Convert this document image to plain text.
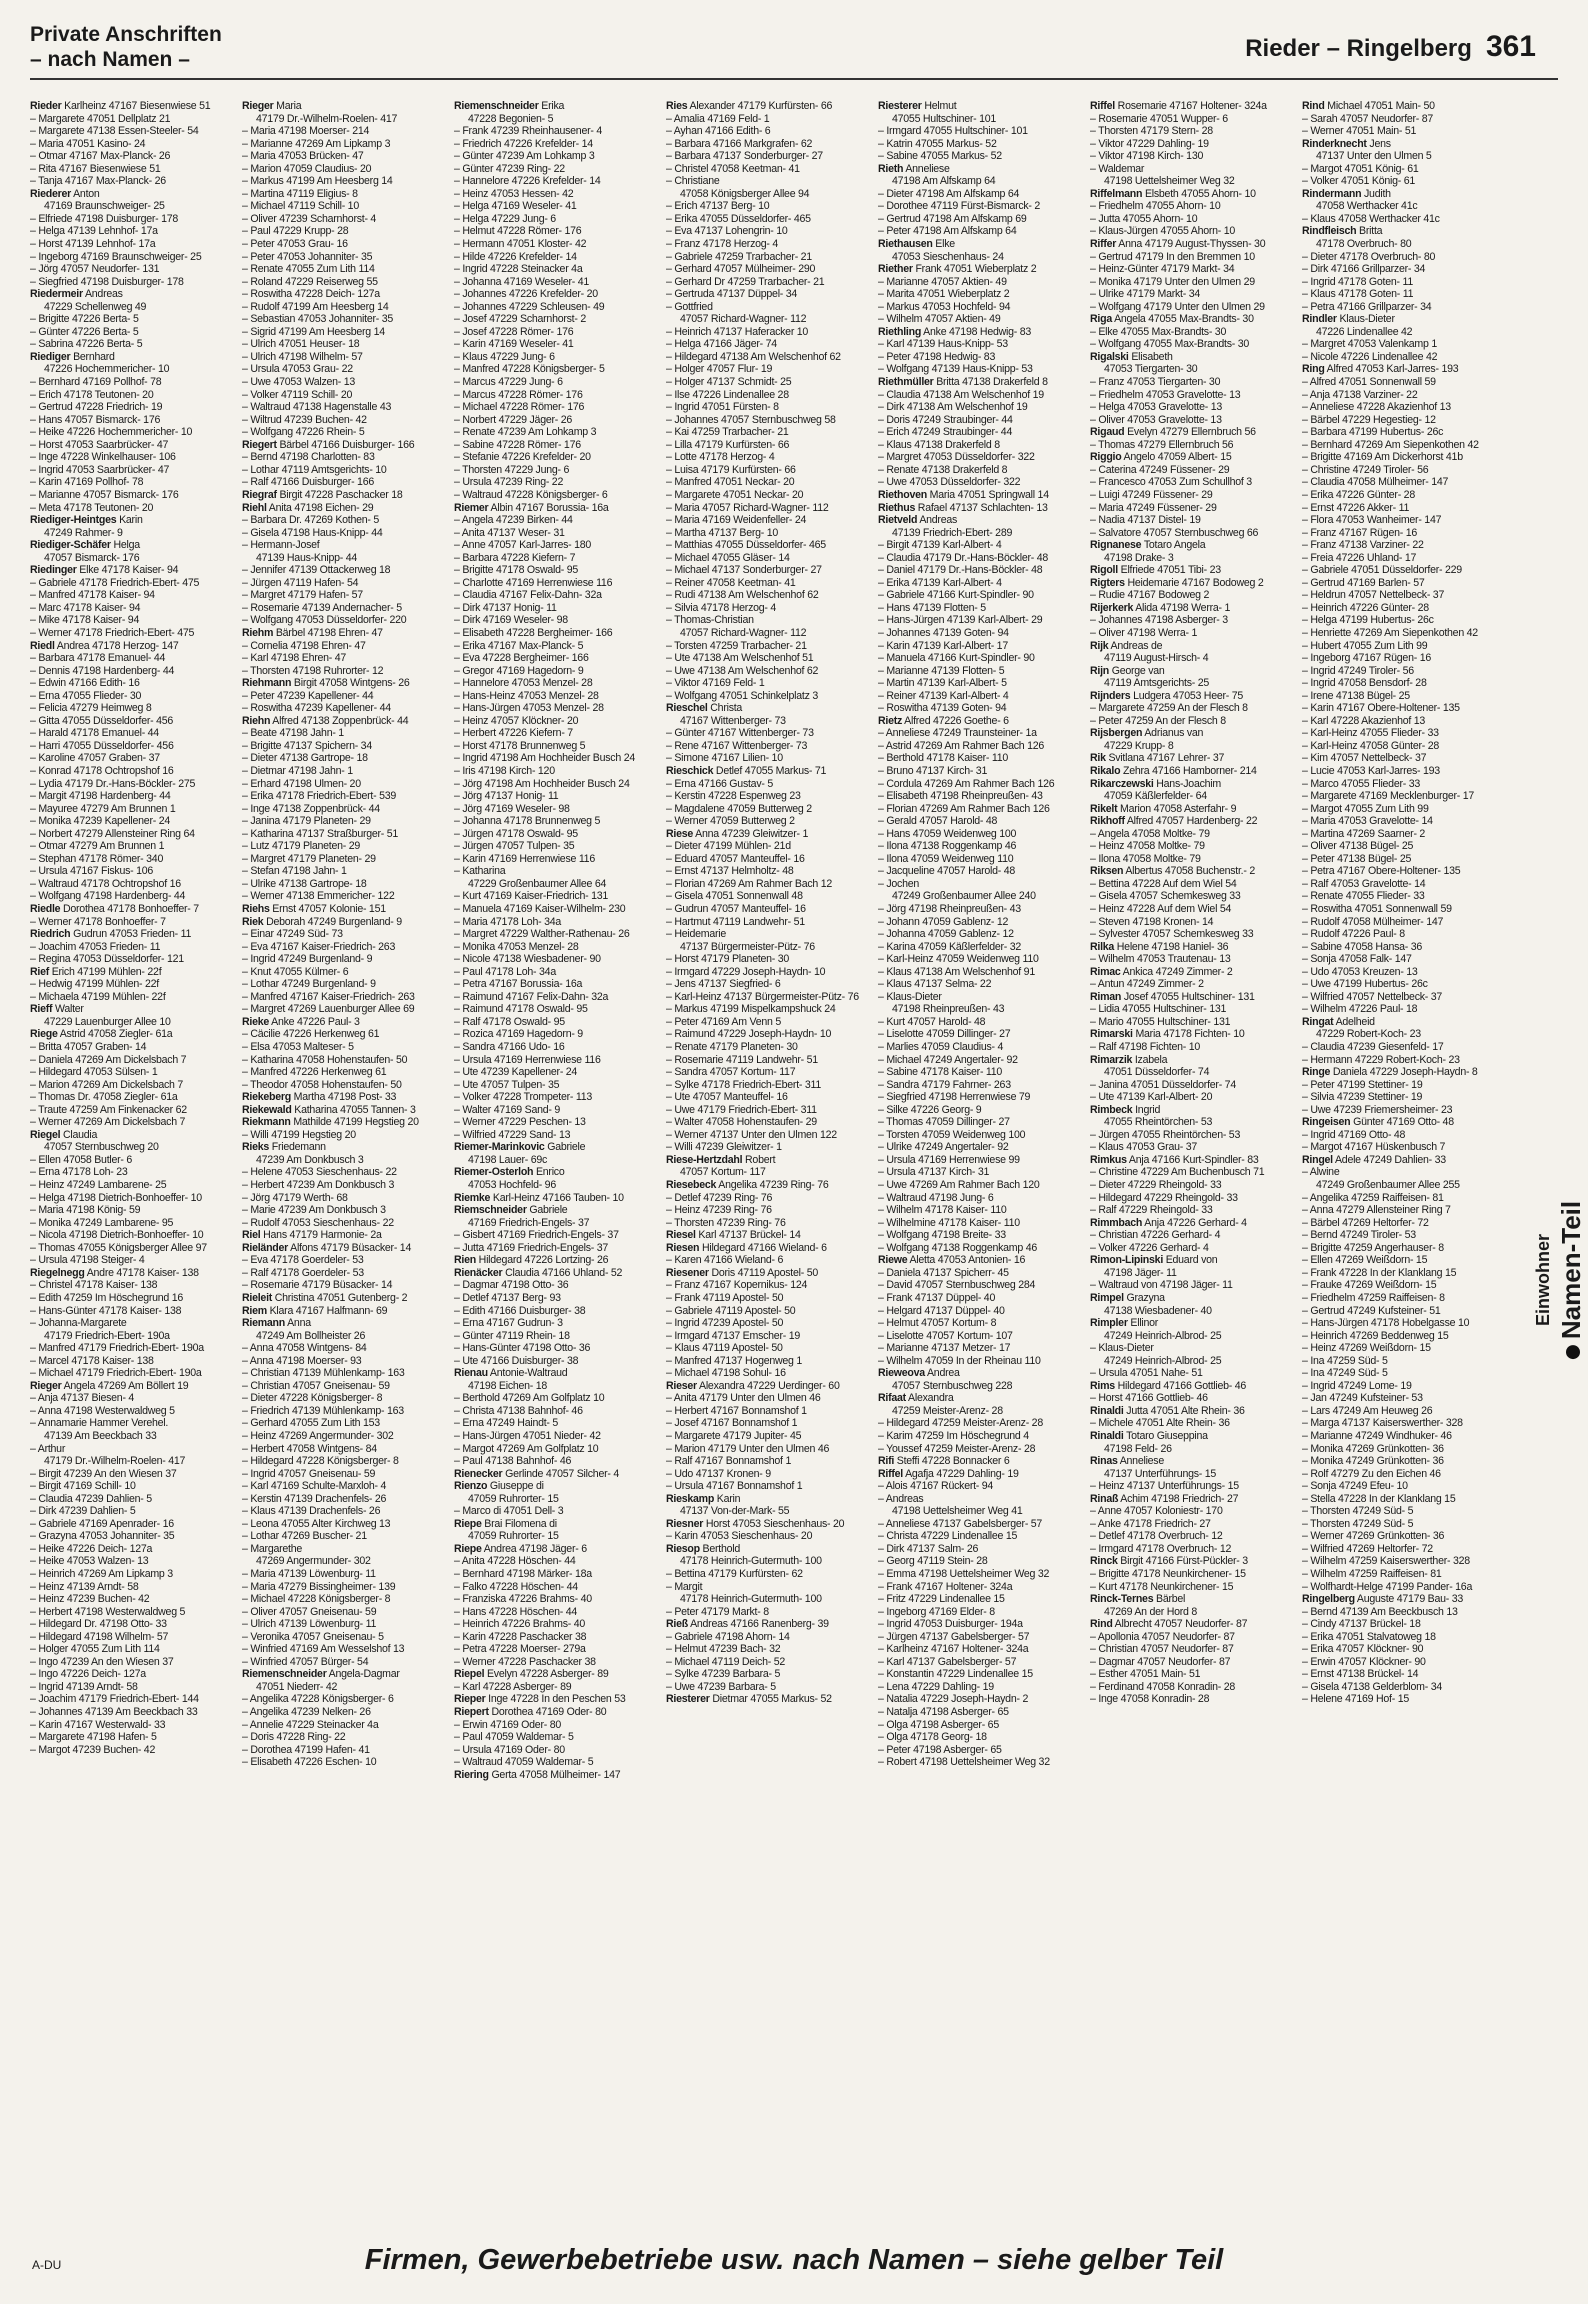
Private Anschriften
– nach Namen –	Rieder – Ringelberg 361
Rieder Karlheinz 47167 Biesenwiese 51
– Margarete 47051 Dellplatz 21
– Margarete 47138 Essen-Steeler- 54
– Maria 47051 Kasino- 24
– Otmar 47167 Max-Planck- 26
– Rita 47167 Biesenwiese 51
– Tanja 47167 Max-Planck- 26
Riederer Anton
47169 Braunschweiger- 25
– Elfriede 47198 Duisburger- 178
– Helga 47139 Lehnhof- 17a
– Horst 47139 Lehnhof- 17a
– Ingeborg 47169 Braunschweiger- 25
– Jörg 47057 Neudorfer- 131
– Siegfried 47198 Duisburger- 178
Riedermeir Andreas
47229 Schellenweg 49
– Brigitte 47226 Berta- 5
– Günter 47226 Berta- 5
– Sabrina 47226 Berta- 5
Riediger Bernhard
47226 Hochemmericher- 10
– Bernhard 47169 Pollhof- 78
– Erich 47178 Teutonen- 20
– Gertrud 47228 Friedrich- 19
– Hans 47057 Bismarck- 176
– Heike 47226 Hochemmericher- 10
– Horst 47053 Saarbrücker- 47
– Inge 47228 Winkelhauser- 106
– Ingrid 47053 Saarbrücker- 47
– Karin 47169 Pollhof- 78
– Marianne 47057 Bismarck- 176
– Meta 47178 Teutonen- 20
Riediger-Heintges Karin
47249 Rahmer- 9
Riediger-Schäfer Helga
47057 Bismarck- 176
Riedinger Elke 47178 Kaiser- 94
– Gabriele 47178 Friedrich-Ebert- 475
– Manfred 47178 Kaiser- 94
– Marc 47178 Kaiser- 94
– Mike 47178 Kaiser- 94
– Werner 47178 Friedrich-Ebert- 475
Riedl Andrea 47178 Herzog- 147
– Barbara 47178 Emanuel- 44
– Dennis 47198 Hardenberg- 44
– Edwin 47166 Edith- 16
– Erna 47055 Flieder- 30
– Felicia 47279 Heimweg 8
– Gitta 47055 Düsseldorfer- 456
– Harald 47178 Emanuel- 44
– Harri 47055 Düsseldorfer- 456
– Karoline 47057 Graben- 37
– Konrad 47178 Ochtropshof 16
– Lydia 47179 Dr.-Hans-Böckler- 275
– Margit 47198 Hardenberg- 44
– Mayuree 47279 Am Brunnen 1
– Monika 47239 Kapellener- 24
– Norbert 47279 Allensteiner Ring 64
– Otmar 47279 Am Brunnen 1
– Stephan 47178 Römer- 340
– Ursula 47167 Fiskus- 106
– Waltraud 47178 Ochtropshof 16
– Wolfgang 47198 Hardenberg- 44
Riedle Dorothea 47178 Bonhoeffer- 7
– Werner 47178 Bonhoeffer- 7
Riedrich Gudrun 47053 Frieden- 11
– Joachim 47053 Frieden- 11
– Regina 47053 Düsseldorfer- 121
Rief Erich 47199 Mühlen- 22f
– Hedwig 47199 Mühlen- 22f
– Michaela 47199 Mühlen- 22f
Rieff Walter
47229 Lauenburger Allee 10
Riege Astrid 47058 Ziegler- 61a
– Britta 47057 Graben- 14
– Daniela 47269 Am Dickelsbach 7
– Hildegard 47053 Sülsen- 1
– Marion 47269 Am Dickelsbach 7
– Thomas Dr. 47058 Ziegler- 61a
– Traute 47259 Am Finkenacker 62
– Werner 47269 Am Dickelsbach 7
Riegel Claudia
47057 Sternbuschweg 20
– Ellen 47058 Butler- 6
– Erna 47178 Loh- 23
– Heinz 47249 Lambarene- 25
– Helga 47198 Dietrich-Bonhoeffer- 10
– Maria 47198 König- 59
– Monika 47249 Lambarene- 95
– Nicola 47198 Dietrich-Bonhoeffer- 10
– Thomas 47055 Königsberger Allee 97
– Ursula 47198 Steiger- 4
Riegelnegg Andre 47178 Kaiser- 138
– Christel 47178 Kaiser- 138
– Edith 47259 Im Höschegrund 16
– Hans-Günter 47178 Kaiser- 138
– Johanna-Margarete
47179 Friedrich-Ebert- 190a
– Manfred 47179 Friedrich-Ebert- 190a
– Marcel 47178 Kaiser- 138
– Michael 47179 Friedrich-Ebert- 190a
Rieger Angela 47269 Am Böllert 19
– Anja 47137 Biesen- 4
– Anna 47198 Westerwaldweg 5
– Annamarie Hammer Verehel.
47139 Am Beeckbach 33
– Arthur
47179 Dr.-Wilhelm-Roelen- 417
– Birgit 47239 An den Wiesen 37
– Birgit 47169 Schill- 10
– Claudia 47239 Dahlien- 5
– Dirk 47239 Dahlien- 5
– Gabriele 47169 Apenrader- 16
– Grazyna 47053 Johanniter- 35
– Heike 47226 Deich- 127a
– Heike 47053 Walzen- 13
– Heinrich 47269 Am Lipkamp 3
– Heinz 47139 Arndt- 58
– Heinz 47239 Buchen- 42
– Herbert 47198 Westerwaldweg 5
– Hildegard Dr. 47198 Otto- 33
– Hildegard 47198 Wilhelm- 57
– Holger 47055 Zum Lith 114
– Ingo 47239 An den Wiesen 37
– Ingo 47226 Deich- 127a
– Ingrid 47139 Arndt- 58
– Joachim 47179 Friedrich-Ebert- 144
– Johannes 47139 Am Beeckbach 33
– Karin 47167 Westerwald- 33
– Margarete 47198 Hafen- 5
– Margot 47239 Buchen- 42
Rieger Maria
47179 Dr.-Wilhelm-Roelen- 417
– Maria 47198 Moerser- 214
– Marianne 47269 Am Lipkamp 3
– Maria 47053 Brücken- 47
– Marion 47059 Claudius- 20
– Markus 47199 Am Heesberg 14
– Martina 47119 Eligius- 8
– Michael 47119 Schill- 10
– Oliver 47239 Scharnhorst- 4
– Paul 47229 Krupp- 28
– Peter 47053 Grau- 16
– Peter 47053 Johanniter- 35
– Renate 47055 Zum Lith 114
– Roland 47229 Reiserweg 55
– Roswitha 47228 Deich- 127a
– Rudolf 47199 Am Heesberg 14
– Sebastian 47053 Johanniter- 35
– Sigrid 47199 Am Heesberg 14
– Ulrich 47051 Heuser- 18
– Ulrich 47198 Wilhelm- 57
– Ursula 47053 Grau- 22
– Uwe 47053 Walzen- 13
– Volker 47119 Schill- 20
– Waltraud 47138 Hagenstalle 43
– Wiltrud 47239 Buchen- 42
– Wolfgang 47226 Rhein- 5
Riegert Bärbel 47166 Duisburger- 166
– Bernd 47198 Charlotten- 83
– Lothar 47119 Amtsgerichts- 10
– Ralf 47166 Duisburger- 166
Riegraf Birgit 47228 Paschacker 18
Riehl Anita 47198 Eichen- 29
– Barbara Dr. 47269 Kothen- 5
– Gisela 47198 Haus-Knipp- 44
– Hermann-Josef
47139 Haus-Knipp- 44
– Jennifer 47139 Ottackerweg 18
– Jürgen 47119 Hafen- 54
– Margret 47179 Hafen- 57
– Rosemarie 47139 Andernacher- 5
– Wolfgang 47053 Düsseldorfer- 220
Riehm Bärbel 47198 Ehren- 47
– Cornelia 47198 Ehren- 47
– Karl 47198 Ehren- 47
– Thorsten 47198 Ruhrorter- 12
Riehmann Birgit 47058 Wintgens- 26
– Peter 47239 Kapellener- 44
– Roswitha 47239 Kapellener- 44
Riehn Alfred 47138 Zoppenbrück- 44
– Beate 47198 Jahn- 1
– Brigitte 47137 Spichern- 34
– Dieter 47138 Gartrope- 18
– Dietmar 47198 Jahn- 1
– Erhard 47198 Ulmen- 20
– Erika 47178 Friedrich-Ebert- 539
– Inge 47138 Zoppenbrück- 44
– Janina 47179 Planeten- 29
– Katharina 47137 Straßburger- 51
– Lutz 47179 Planeten- 29
– Margret 47179 Planeten- 29
– Stefan 47198 Jahn- 1
– Ulrike 47138 Gartrope- 18
– Werner 47138 Emmericher- 122
Riehs Ernst 47057 Kolonie- 151
Riek Deborah 47249 Burgenland- 9
– Einar 47249 Süd- 73
– Eva 47167 Kaiser-Friedrich- 263
– Ingrid 47249 Burgenland- 9
– Knut 47055 Külmer- 6
– Lothar 47249 Burgenland- 9
– Manfred 47167 Kaiser-Friedrich- 263
– Margret 47269 Lauenburger Allee 69
Rieke Anke 47226 Paul- 3
– Cäcilie 47226 Herkenweg 61
– Elsa 47053 Malteser- 5
– Katharina 47058 Hohenstaufen- 50
– Manfred 47226 Herkenweg 61
– Theodor 47058 Hohenstaufen- 50
Riekeberg Martha 47198 Post- 33
Riekewald Katharina 47055 Tannen- 3
Riekmann Mathilde 47199 Hegstieg 20
– Willi 47199 Hegstieg 20
Rieks Friedemann
47239 Am Donkbusch 3
– Helene 47053 Sieschenhaus- 22
– Herbert 47239 Am Donkbusch 3
– Jörg 47179 Werth- 68
– Marie 47239 Am Donkbusch 3
– Rudolf 47053 Sieschenhaus- 22
Riel Hans 47179 Harmonie- 2a
Rieländer Alfons 47179 Büsacker- 14
– Eva 47178 Goerdeler- 53
– Ralf 47178 Goerdeler- 53
– Rosemarie 47179 Büsacker- 14
Rieleit Christina 47051 Gutenberg- 2
Riem Klara 47167 Halfmann- 69
Riemann Anna
47249 Am Bollheister 26
– Anna 47058 Wintgens- 84
– Anna 47198 Moerser- 93
– Christian 47139 Mühlenkamp- 163
– Christian 47057 Gneisenau- 59
– Dieter 47228 Königsberger- 8
– Friedrich 47139 Mühlenkamp- 163
– Gerhard 47055 Zum Lith 153
– Heinz 47269 Angermunder- 302
– Herbert 47058 Wintgens- 84
– Hildegard 47228 Königsberger- 8
– Ingrid 47057 Gneisenau- 59
– Karl 47169 Schulte-Marxloh- 4
– Kerstin 47139 Drachenfels- 26
– Klaus 47139 Drachenfels- 26
– Leona 47055 Alter Kirchweg 13
– Lothar 47269 Buscher- 21
– Margarethe
47269 Angermunder- 302
– Maria 47139 Löwenburg- 11
– Maria 47279 Bissingheimer- 139
– Michael 47228 Königsberger- 8
– Oliver 47057 Gneisenau- 59
– Ulrich 47139 Löwenburg- 11
– Veronika 47057 Gneisenau- 5
– Winfried 47169 Am Wesselshof 13
– Winfried 47057 Bürger- 54
Riemenschneider Angela-Dagmar
47051 Niederr- 42
– Angelika 47228 Königsberger- 6
– Angelika 47239 Nelken- 26
– Annelie 47229 Steinacker 4a
– Doris 47228 Ring- 22
– Dorothea 47199 Hafen- 41
– Elisabeth 47226 Eschen- 10
Riemenschneider Erika
47228 Begonien- 5
– Frank 47239 Rheinhausener- 4
– Friedrich 47226 Krefelder- 14
– Günter 47239 Am Lohkamp 3
– Günter 47239 Ring- 22
– Hannelore 47226 Krefelder- 14
– Heinz 47053 Hessen- 42
– Helga 47169 Weseler- 41
– Helga 47229 Jung- 6
– Helmut 47228 Römer- 176
– Hermann 47051 Kloster- 42
– Hilde 47226 Krefelder- 14
– Ingrid 47228 Steinacker 4a
– Johanna 47169 Weseler- 41
– Johannes 47226 Krefelder- 20
– Johannes 47229 Schleusen- 49
– Josef 47229 Scharnhorst- 2
– Josef 47228 Römer- 176
– Karin 47169 Weseler- 41
– Klaus 47229 Jung- 6
– Manfred 47228 Königsberger- 5
– Marcus 47229 Jung- 6
– Marcus 47228 Römer- 176
– Michael 47228 Römer- 176
– Norbert 47229 Jäger- 26
– Renate 47239 Am Lohkamp 3
– Sabine 47228 Römer- 176
– Stefanie 47226 Krefelder- 20
– Thorsten 47229 Jung- 6
– Ursula 47239 Ring- 22
– Waltraud 47228 Königsberger- 6
Riemer Albin 47167 Borussia- 16a
– Angela 47239 Birken- 44
– Anita 47137 Weser- 31
– Anne 47057 Karl-Jarres- 180
– Barbara 47228 Kiefern- 7
– Brigitte 47178 Oswald- 95
– Charlotte 47169 Herrenwiese 116
– Claudia 47167 Felix-Dahn- 32a
– Dirk 47137 Honig- 11
– Dirk 47169 Weseler- 98
– Elisabeth 47228 Bergheimer- 166
– Erika 47167 Max-Planck- 5
– Eva 47228 Bergheimer- 166
– Gregor 47169 Hagedorn- 9
– Hannelore 47053 Menzel- 28
– Hans-Heinz 47053 Menzel- 28
– Hans-Jürgen 47053 Menzel- 28
– Heinz 47057 Klöckner- 20
– Herbert 47226 Kiefern- 7
– Horst 47178 Brunnenweg 5
– Ingrid 47198 Am Hochheider Busch 24
– Iris 47198 Kirch- 120
– Jörg 47198 Am Hochheider Busch 24
– Jörg 47137 Honig- 11
– Jörg 47169 Weseler- 98
– Johanna 47178 Brunnenweg 5
– Jürgen 47178 Oswald- 95
– Jürgen 47057 Tulpen- 35
– Karin 47169 Herrenwiese 116
– Katharina
47229 Großenbaumer Allee 64
– Kurt 47169 Kaiser-Friedrich- 131
– Manuela 47169 Kaiser-Wilhelm- 230
– Maria 47178 Loh- 34a
– Margret 47229 Walther-Rathenau- 26
– Monika 47053 Menzel- 28
– Nicole 47138 Wiesbadener- 90
– Paul 47178 Loh- 34a
– Petra 47167 Borussia- 16a
– Raimund 47167 Felix-Dahn- 32a
– Raimund 47178 Oswald- 95
– Ralf 47178 Oswald- 95
– Rozica 47169 Hagedorn- 9
– Sandra 47166 Udo- 16
– Ursula 47169 Herrenwiese 116
– Ute 47239 Kapellener- 24
– Ute 47057 Tulpen- 35
– Volker 47228 Trompeter- 113
– Walter 47169 Sand- 9
– Werner 47229 Peschen- 13
– Wilfried 47229 Sand- 13
Riemer-Marinkovic Gabriele
47198 Lauer- 69c
Riemer-Osterloh Enrico
47053 Hochfeld- 96
Riemke Karl-Heinz 47166 Tauben- 10
Riemschneider Gabriele
47169 Friedrich-Engels- 37
– Gisbert 47169 Friedrich-Engels- 37
– Jutta 47169 Friedrich-Engels- 37
Rien Hildegard 47226 Lortzing- 26
Rienäcker Claudia 47166 Uhland- 52
– Dagmar 47198 Otto- 36
– Detlef 47137 Berg- 93
– Edith 47166 Duisburger- 38
– Erna 47167 Gudrun- 3
– Günter 47119 Rhein- 18
– Hans-Günter 47198 Otto- 36
– Ute 47166 Duisburger- 38
Rienau Antonie-Waltraud
47198 Eichen- 18
– Berthold 47269 Am Golfplatz 10
– Christa 47138 Bahnhof- 46
– Erna 47249 Haindt- 5
– Hans-Jürgen 47051 Nieder- 42
– Margot 47269 Am Golfplatz 10
– Paul 47138 Bahnhof- 46
Rienecker Gerlinde 47057 Silcher- 4
Rienzo Giuseppe di
47059 Ruhrorter- 15
– Marco di 47051 Dell- 3
Riepe Brai Filomena di
47059 Ruhrorter- 15
Riepe Andrea 47198 Jäger- 6
– Anita 47228 Höschen- 44
– Bernhard 47198 Märker- 18a
– Falko 47228 Höschen- 44
– Franziska 47226 Brahms- 40
– Hans 47228 Höschen- 44
– Heinrich 47226 Brahms- 40
– Karin 47228 Paschacker 38
– Petra 47228 Moerser- 279a
– Werner 47228 Paschacker 38
Riepel Evelyn 47228 Asberger- 89
– Karl 47228 Asberger- 89
Rieper Inge 47228 In den Peschen 53
Riepert Dorothea 47169 Oder- 80
– Erwin 47169 Oder- 80
– Paul 47059 Waldemar- 5
– Ursula 47169 Oder- 80
– Waltraud 47059 Waldemar- 5
Riering Gerta 47058 Mülheimer- 147
Ries Alexander 47179 Kurfürsten- 66
– Amalia 47169 Feld- 1
– Ayhan 47166 Edith- 6
– Barbara 47166 Markgrafen- 62
– Barbara 47137 Sonderburger- 27
– Christel 47058 Keetman- 41
– Christiane
47058 Königsberger Allee 94
– Erich 47137 Berg- 10
– Erika 47055 Düsseldorfer- 465
– Eva 47137 Lohengrin- 10
– Franz 47178 Herzog- 4
– Gabriele 47259 Trarbacher- 21
– Gerhard 47057 Mülheimer- 290
– Gerhard Dr 47259 Trarbacher- 21
– Gertruda 47137 Düppel- 34
– Gottfried
47057 Richard-Wagner- 112
– Heinrich 47137 Haferacker 10
– Helga 47166 Jäger- 74
– Hildegard 47138 Am Welschenhof 62
– Holger 47057 Flur- 19
– Holger 47137 Schmidt- 25
– Ilse 47226 Lindenallee 28
– Ingrid 47051 Fürsten- 8
– Johannes 47057 Sternbuschweg 58
– Kai 47259 Trarbacher- 21
– Lilla 47179 Kurfürsten- 66
– Lotte 47178 Herzog- 4
– Luisa 47179 Kurfürsten- 66
– Manfred 47051 Neckar- 20
– Margarete 47051 Neckar- 20
– Maria 47057 Richard-Wagner- 112
– Maria 47169 Weidenfeller- 24
– Martha 47137 Berg- 10
– Matthias 47055 Düsseldorfer- 465
– Michael 47055 Gläser- 14
– Michael 47137 Sonderburger- 27
– Reiner 47058 Keetman- 41
– Rudi 47138 Am Welschenhof 62
– Silvia 47178 Herzog- 4
– Thomas-Christian
47057 Richard-Wagner- 112
– Torsten 47259 Trarbacher- 21
– Ute 47138 Am Welschenhof 51
– Uwe 47138 Am Welschenhof 62
– Viktor 47169 Feld- 1
– Wolfgang 47051 Schinkelplatz 3
Rieschel Christa
47167 Wittenberger- 73
– Günter 47167 Wittenberger- 73
– Rene 47167 Wittenberger- 73
– Simone 47167 Lilien- 10
Rieschick Detlef 47055 Markus- 71
– Erna 47166 Gustav- 5
– Kerstin 47228 Espenweg 23
– Magdalene 47059 Butterweg 2
– Werner 47059 Butterweg 2
Riese Anna 47239 Gleiwitzer- 1
– Dieter 47199 Mühlen- 21d
– Eduard 47057 Manteuffel- 16
– Ernst 47137 Helmholtz- 48
– Florian 47269 Am Rahmer Bach 12
– Gisela 47051 Sonnenwall 48
– Gudrun 47057 Manteuffel- 16
– Hartmut 47119 Landwehr- 51
– Heidemarie
47137 Bürgermeister-Pütz- 76
– Horst 47179 Planeten- 30
– Irmgard 47229 Joseph-Haydn- 10
– Jens 47137 Siegfried- 6
– Karl-Heinz 47137 Bürgermeister-Pütz- 76
– Markus 47199 Mispelkampshuck 24
– Peter 47169 Am Venn 5
– Raimund 47229 Joseph-Haydn- 10
– Renate 47179 Planeten- 30
– Rosemarie 47119 Landwehr- 51
– Sandra 47057 Kortum- 117
– Sylke 47178 Friedrich-Ebert- 311
– Ute 47057 Manteuffel- 16
– Uwe 47179 Friedrich-Ebert- 311
– Walter 47058 Hohenstaufen- 29
– Werner 47137 Unter den Ulmen 122
– Willi 47239 Gleiwitzer- 1
Riese-Hertzdahl Robert
47057 Kortum- 117
Riesebeck Angelika 47239 Ring- 76
– Detlef 47239 Ring- 76
– Heinz 47239 Ring- 76
– Thorsten 47239 Ring- 76
Riesel Karl 47137 Brückel- 14
Riesen Hildegard 47166 Wieland- 6
– Karen 47166 Wieland- 6
Riesener Doris 47119 Apostel- 50
– Franz 47167 Kopernikus- 124
– Frank 47119 Apostel- 50
– Gabriele 47119 Apostel- 50
– Ingrid 47239 Apostel- 50
– Irmgard 47137 Emscher- 19
– Klaus 47119 Apostel- 50
– Manfred 47137 Hogenweg 1
– Michael 47198 Sohul- 16
Rieser Alexandra 47229 Uerdinger- 60
– Anita 47179 Unter den Ulmen 46
– Herbert 47167 Bonnamshof 1
– Josef 47167 Bonnamshof 1
– Margarete 47179 Jupiter- 45
– Marion 47179 Unter den Ulmen 46
– Ralf 47167 Bonnamshof 1
– Udo 47137 Kronen- 9
– Ursula 47167 Bonnamshof 1
Rieskamp Karin
47137 Von-der-Mark- 55
Riesner Horst 47053 Sieschenhaus- 20
– Karin 47053 Sieschenhaus- 20
Riesop Berthold
47178 Heinrich-Gutermuth- 100
– Bettina 47179 Kurfürsten- 62
– Margit
47178 Heinrich-Gutermuth- 100
– Peter 47179 Markt- 8
Rieß Andreas 47166 Ranenberg- 39
– Gabriele 47198 Ahorn- 14
– Helmut 47239 Bach- 32
– Michael 47119 Deich- 52
– Sylke 47239 Barbara- 5
– Uwe 47239 Barbara- 5
Riesterer Dietmar 47055 Markus- 52
Riesterer Helmut
47055 Hultschiner- 101
– Irmgard 47055 Hultschiner- 101
– Katrin 47055 Markus- 52
– Sabine 47055 Markus- 52
Rieth Anneliese
47198 Am Alfskamp 64
– Dieter 47198 Am Alfskamp 64
– Dorothee 47119 Fürst-Bismarck- 2
– Gertrud 47198 Am Alfskamp 69
– Peter 47198 Am Alfskamp 64
Riethausen Elke
47053 Sieschenhaus- 24
Riether Frank 47051 Wieberplatz 2
– Marianne 47057 Aktien- 49
– Marita 47051 Wieberplatz 2
– Markus 47053 Hochfeld- 94
– Wilhelm 47057 Aktien- 49
Riethling Anke 47198 Hedwig- 83
– Karl 47139 Haus-Knipp- 53
– Peter 47198 Hedwig- 83
– Wolfgang 47139 Haus-Knipp- 53
Riethmüller Britta 47138 Drakerfeld 8
– Claudia 47138 Am Welschenhof 19
– Dirk 47138 Am Welschenhof 19
– Doris 47249 Straubinger- 44
– Erich 47249 Straubinger- 44
– Klaus 47138 Drakerfeld 8
– Margret 47053 Düsseldorfer- 322
– Renate 47138 Drakerfeld 8
– Uwe 47053 Düsseldorfer- 322
Riethoven Maria 47051 Springwall 14
Riethus Rafael 47137 Schlachten- 13
Rietveld Andreas
47139 Friedrich-Ebert- 289
– Birgit 47139 Karl-Albert- 4
– Claudia 47179 Dr.-Hans-Böckler- 48
– Daniel 47179 Dr.-Hans-Böckler- 48
– Erika 47139 Karl-Albert- 4
– Gabriele 47166 Kurt-Spindler- 90
– Hans 47139 Flotten- 5
– Hans-Jürgen 47139 Karl-Albert- 29
– Johannes 47139 Goten- 94
– Karin 47139 Karl-Albert- 17
– Manuela 47166 Kurt-Spindler- 90
– Marianne 47139 Flotten- 5
– Martin 47139 Karl-Albert- 5
– Reiner 47139 Karl-Albert- 4
– Roswitha 47139 Goten- 94
Rietz Alfred 47226 Goethe- 6
– Anneliese 47249 Traunsteiner- 1a
– Astrid 47269 Am Rahmer Bach 126
– Berthold 47178 Kaiser- 110
– Bruno 47137 Kirch- 31
– Cordula 47269 Am Rahmer Bach 126
– Elisabeth 47198 Rheinpreußen- 43
– Florian 47269 Am Rahmer Bach 126
– Gerald 47057 Harold- 48
– Hans 47059 Weidenweg 100
– Ilona 47138 Roggenkamp 46
– Ilona 47059 Weidenweg 110
– Jacqueline 47057 Harold- 48
– Jochen
47249 Großenbaumer Allee 240
– Jörg 47198 Rheinpreußen- 43
– Johann 47059 Gablenz- 12
– Johanna 47059 Gablenz- 12
– Karina 47059 Käßlerfelder- 32
– Karl-Heinz 47059 Weidenweg 110
– Klaus 47138 Am Welschenhof 91
– Klaus 47137 Selma- 22
– Klaus-Dieter
47198 Rheinpreußen- 43
– Kurt 47057 Harold- 48
– Liselotte 47059 Dillinger- 27
– Marlies 47059 Claudius- 4
– Michael 47249 Angertaler- 92
– Sabine 47178 Kaiser- 110
– Sandra 47179 Fahrner- 263
– Siegfried 47198 Herrenwiese 79
– Silke 47226 Georg- 9
– Thomas 47059 Dillinger- 27
– Torsten 47059 Weidenweg 100
– Ulrike 47249 Angertaler- 92
– Ursula 47169 Herrenwiese 99
– Ursula 47137 Kirch- 31
– Uwe 47269 Am Rahmer Bach 120
– Waltraud 47198 Jung- 6
– Wilhelm 47178 Kaiser- 110
– Wilhelmine 47178 Kaiser- 110
– Wolfgang 47198 Breite- 33
– Wolfgang 47138 Roggenkamp 46
Riewe Aletta 47053 Antonien- 16
– Daniela 47137 Spicherr- 45
– David 47057 Sternbuschweg 284
– Frank 47137 Düppel- 40
– Helgard 47137 Düppel- 40
– Helmut 47057 Kortum- 8
– Liselotte 47057 Kortum- 107
– Marianne 47137 Metzer- 17
– Wilhelm 47059 In der Rheinau 110
Rieweova Andrea
47057 Sternbuschweg 228
Rifaat Alexandra
47259 Meister-Arenz- 28
– Hildegard 47259 Meister-Arenz- 28
– Karim 47259 Im Höschegrund 4
– Youssef 47259 Meister-Arenz- 28
Rifi Steffi 47228 Bonnacker 6
Riffel Agafja 47229 Dahling- 19
– Alois 47167 Rückert- 94
– Andreas
47198 Uettelsheimer Weg 41
– Anneliese 47137 Gabelsberger- 57
– Christa 47229 Lindenallee 15
– Dirk 47137 Salm- 26
– Georg 47119 Stein- 28
– Emma 47198 Uettelsheimer Weg 32
– Frank 47167 Holtener- 324a
– Fritz 47229 Lindenallee 15
– Ingeborg 47169 Elder- 8
– Ingrid 47053 Duisburger- 194a
– Jürgen 47137 Gabelsberger- 57
– Karlheinz 47167 Holtener- 324a
– Karl 47137 Gabelsberger- 57
– Konstantin 47229 Lindenallee 15
– Lena 47229 Dahling- 19
– Natalia 47229 Joseph-Haydn- 2
– Natalja 47198 Asberger- 65
– Olga 47198 Asberger- 65
– Olga 47178 Georg- 18
– Peter 47198 Asberger- 65
– Robert 47198 Uettelsheimer Weg 32
Riffel Rosemarie 47167 Holtener- 324a
– Rosemarie 47051 Wupper- 6
– Thorsten 47179 Stern- 28
– Viktor 47229 Dahling- 19
– Viktor 47198 Kirch- 130
– Waldemar
47198 Uettelsheimer Weg 32
Riffelmann Elsbeth 47055 Ahorn- 10
– Friedhelm 47055 Ahorn- 10
– Jutta 47055 Ahorn- 10
– Klaus-Jürgen 47055 Ahorn- 10
Riffer Anna 47179 August-Thyssen- 30
– Gertrud 47179 In den Bremmen 10
– Heinz-Günter 47179 Markt- 34
– Monika 47179 Unter den Ulmen 29
– Ulrike 47179 Markt- 34
– Wolfgang 47179 Unter den Ulmen 29
Riga Angela 47055 Max-Brandts- 30
– Elke 47055 Max-Brandts- 30
– Wolfgang 47055 Max-Brandts- 30
Rigalski Elisabeth
47053 Tiergarten- 30
– Franz 47053 Tiergarten- 30
– Friedhelm 47053 Gravelotte- 13
– Helga 47053 Gravelotte- 13
– Oliver 47053 Gravelotte- 13
Rigaud Evelyn 47279 Ellernbruch 56
– Thomas 47279 Ellernbruch 56
Riggio Angelo 47059 Albert- 15
– Caterina 47249 Füssener- 29
– Francesco 47053 Zum Schullhof 3
– Luigi 47249 Füssener- 29
– Maria 47249 Füssener- 29
– Nadia 47137 Distel- 19
– Salvatore 47057 Sternbuschweg 66
Rignanese Totaro Angela
47198 Drake- 3
Rigoll Elfriede 47051 Tibi- 23
Rigters Heidemarie 47167 Bodoweg 2
– Rudie 47167 Bodoweg 2
Rijerkerk Alida 47198 Werra- 1
– Johannes 47198 Asberger- 3
– Oliver 47198 Werra- 1
Rijk Andreas de
47119 August-Hirsch- 4
Rijn George van
47119 Amtsgerichts- 25
Rijnders Ludgera 47053 Heer- 75
– Margarete 47259 An der Flesch 8
– Peter 47259 An der Flesch 8
Rijsbergen Adrianus van
47229 Krupp- 8
Rik Svitlana 47167 Lehrer- 37
Rikalo Zehra 47166 Hamborner- 214
Rikarczewski Hans-Joachim
47059 Käßlerfelder- 64
Rikelt Marion 47058 Asterfahr- 9
Rikhoff Alfred 47057 Hardenberg- 22
– Angela 47058 Moltke- 79
– Heinz 47058 Moltke- 79
– Ilona 47058 Moltke- 79
Riksen Albertus 47058 Buchenstr.- 2
– Bettina 47228 Auf dem Wiel 54
– Gisela 47057 Schemkesweg 33
– Heinz 47228 Auf dem Wiel 54
– Steven 47198 Kronen- 14
– Sylvester 47057 Schemkesweg 33
Rilka Helene 47198 Haniel- 36
– Wilhelm 47053 Trautenau- 13
Rimac Ankica 47249 Zimmer- 2
– Antun 47249 Zimmer- 2
Riman Josef 47055 Hultschiner- 131
– Lidia 47055 Hultschiner- 131
– Mario 47055 Hultschiner- 131
Rimarski Maria 47178 Fichten- 10
– Ralf 47198 Fichten- 10
Rimarzik Izabela
47051 Düsseldorfer- 74
– Janina 47051 Düsseldorfer- 74
– Ute 47139 Karl-Albert- 20
Rimbeck Ingrid
47055 Rheintörchen- 53
– Jürgen 47055 Rheintörchen- 53
– Klaus 47053 Grau- 37
Rimkus Anja 47166 Kurt-Spindler- 83
– Christine 47229 Am Buchenbusch 71
– Dieter 47229 Rheingold- 33
– Hildegard 47229 Rheingold- 33
– Ralf 47229 Rheingold- 33
Rimmbach Anja 47226 Gerhard- 4
– Christian 47226 Gerhard- 4
– Volker 47226 Gerhard- 4
Rimon-Lipinski Eduard von
47198 Jäger- 11
– Waltraud von 47198 Jäger- 11
Rimpel Grazyna
47138 Wiesbadener- 40
Rimpler Ellinor
47249 Heinrich-Albrod- 25
– Klaus-Dieter
47249 Heinrich-Albrod- 25
– Ursula 47051 Nahe- 51
Rims Hildegard 47166 Gottlieb- 46
– Horst 47166 Gottlieb- 46
Rinaldi Jutta 47051 Alte Rhein- 36
– Michele 47051 Alte Rhein- 36
Rinaldi Totaro Giuseppina
47198 Feld- 26
Rinas Anneliese
47137 Unterführungs- 15
– Heinz 47137 Unterführungs- 15
Rinaß Achim 47198 Friedrich- 27
– Anne 47057 Koloniestr- 170
– Anke 47178 Friedrich- 27
– Detlef 47178 Overbruch- 12
– Irmgard 47178 Overbruch- 12
Rinck Birgit 47166 Fürst-Pückler- 3
– Brigitte 47178 Neunkirchener- 15
– Kurt 47178 Neunkirchener- 15
Rinck-Ternes Bärbel
47269 An der Hord 8
Rind Albrecht 47057 Neudorfer- 87
– Apollonia 47057 Neudorfer- 87
– Christian 47057 Neudorfer- 87
– Dagmar 47057 Neudorfer- 87
– Esther 47051 Main- 51
– Ferdinand 47058 Konradin- 28
– Inge 47058 Konradin- 28
Rind Michael 47051 Main- 50
– Sarah 47057 Neudorfer- 87
– Werner 47051 Main- 51
Rinderknecht Jens
47137 Unter den Ulmen 5
– Margot 47051 König- 61
– Volker 47051 König- 61
Rindermann Judith
47058 Werthacker 41c
– Klaus 47058 Werthacker 41c
Rindfleisch Britta
47178 Overbruch- 80
– Dieter 47178 Overbruch- 80
– Dirk 47166 Grillparzer- 34
– Ingrid 47178 Goten- 11
– Klaus 47178 Goten- 11
– Petra 47166 Grillparzer- 34
Rindler Klaus-Dieter
47226 Lindenallee 42
– Margret 47053 Valenkamp 1
– Nicole 47226 Lindenallee 42
Ring Alfred 47053 Karl-Jarres- 193
– Alfred 47051 Sonnenwall 59
– Anja 47138 Varziner- 22
– Anneliese 47228 Akazienhof 13
– Bärbel 47229 Hegestieg- 12
– Barbara 47199 Hubertus- 26c
– Bernhard 47269 Am Siepenkothen 42
– Brigitte 47169 Am Dickerhorst 41b
– Christine 47249 Tiroler- 56
– Claudia 47058 Mülheimer- 147
– Erika 47226 Günter- 28
– Ernst 47226 Akker- 11
– Flora 47053 Wanheimer- 147
– Franz 47167 Rügen- 16
– Franz 47138 Varziner- 22
– Freia 47226 Uhland- 17
– Gabriele 47051 Düsseldorfer- 229
– Gertrud 47169 Barlen- 57
– Heldrun 47057 Nettelbeck- 37
– Heinrich 47226 Günter- 28
– Helga 47199 Hubertus- 26c
– Henriette 47269 Am Siepenkothen 42
– Hubert 47055 Zum Lith 99
– Ingeborg 47167 Rügen- 16
– Ingrid 47249 Tiroler- 56
– Ingrid 47058 Bensdorf- 28
– Irene 47138 Bügel- 25
– Karin 47167 Obere-Holtener- 135
– Karl 47228 Akazienhof 13
– Karl-Heinz 47055 Flieder- 33
– Karl-Heinz 47058 Günter- 28
– Kim 47057 Nettelbeck- 37
– Lucie 47053 Karl-Jarres- 193
– Marco 47055 Flieder- 33
– Margarete 47169 Mecklenburger- 17
– Margot 47055 Zum Lith 99
– Maria 47053 Gravelotte- 14
– Martina 47269 Saarner- 2
– Oliver 47138 Bügel- 25
– Peter 47138 Bügel- 25
– Petra 47167 Obere-Holtener- 135
– Ralf 47053 Gravelotte- 14
– Renate 47055 Flieder- 33
– Roswitha 47051 Sonnenwall 59
– Rudolf 47058 Mülheimer- 147
– Rudolf 47226 Paul- 8
– Sabine 47058 Hansa- 36
– Sonja 47058 Falk- 147
– Udo 47053 Kreuzen- 13
– Uwe 47199 Hubertus- 26c
– Wilfried 47057 Nettelbeck- 37
– Wilhelm 47226 Paul- 18
Ringat Adelheid
47229 Robert-Koch- 23
– Claudia 47239 Giesenfeld- 17
– Hermann 47229 Robert-Koch- 23
Ringe Daniela 47229 Joseph-Haydn- 8
– Peter 47199 Stettiner- 19
– Silvia 47239 Stettiner- 19
– Uwe 47239 Friemersheimer- 23
Ringeisen Günter 47169 Otto- 48
– Ingrid 47169 Otto- 48
– Margot 47167 Hüskenbusch 7
Ringel Adele 47249 Dahlien- 33
– Alwine
47249 Großenbaumer Allee 255
– Angelika 47259 Raiffeisen- 81
– Anna 47279 Allensteiner Ring 7
– Bärbel 47269 Heltorfer- 72
– Bernd 47249 Tiroler- 53
– Brigitte 47259 Angerhauser- 8
– Ellen 47269 Weißdorn- 15
– Frank 47228 In der Klanklang 15
– Frauke 47269 Weißdorn- 15
– Friedhelm 47259 Raiffeisen- 8
– Gertrud 47249 Kufsteiner- 51
– Hans-Jürgen 47178 Hobelgasse 10
– Heinrich 47269 Beddenweg 15
– Heinz 47269 Weißdorn- 15
– Ina 47259 Süd- 5
– Ina 47249 Süd- 5
– Ingrid 47249 Lome- 19
– Jan 47249 Kufsteiner- 53
– Lars 47249 Am Heuweg 26
– Marga 47137 Kaiserswerther- 328
– Marianne 47249 Windhuker- 46
– Monika 47269 Grünkotten- 36
– Monika 47249 Grünkotten- 36
– Rolf 47279 Zu den Eichen 46
– Sonja 47249 Efeu- 10
– Stella 47228 In der Klanklang 15
– Thorsten 47249 Süd- 5
– Thorsten 47249 Süd- 5
– Werner 47269 Grünkotten- 36
– Wilfried 47269 Heltorfer- 72
– Wilhelm 47259 Kaiserswerther- 328
– Wilhelm 47259 Raiffeisen- 81
– Wolfhardt-Helge 47199 Pander- 16a
Ringelberg Auguste 47179 Bau- 33
– Bernd 47139 Am Beeckbusch 13
– Cindy 47137 Brückel- 18
– Erika 47051 Stalvatoweg 18
– Erika 47057 Klöckner- 90
– Erwin 47057 Klöckner- 90
– Ernst 47138 Brückel- 14
– Gisela 47138 Gelderblom- 34
– Helene 47169 Hof- 15
Einwohner Namen-Teil
A-DU	Firmen, Gewerbebetriebe usw. nach Namen – siehe gelber Teil
